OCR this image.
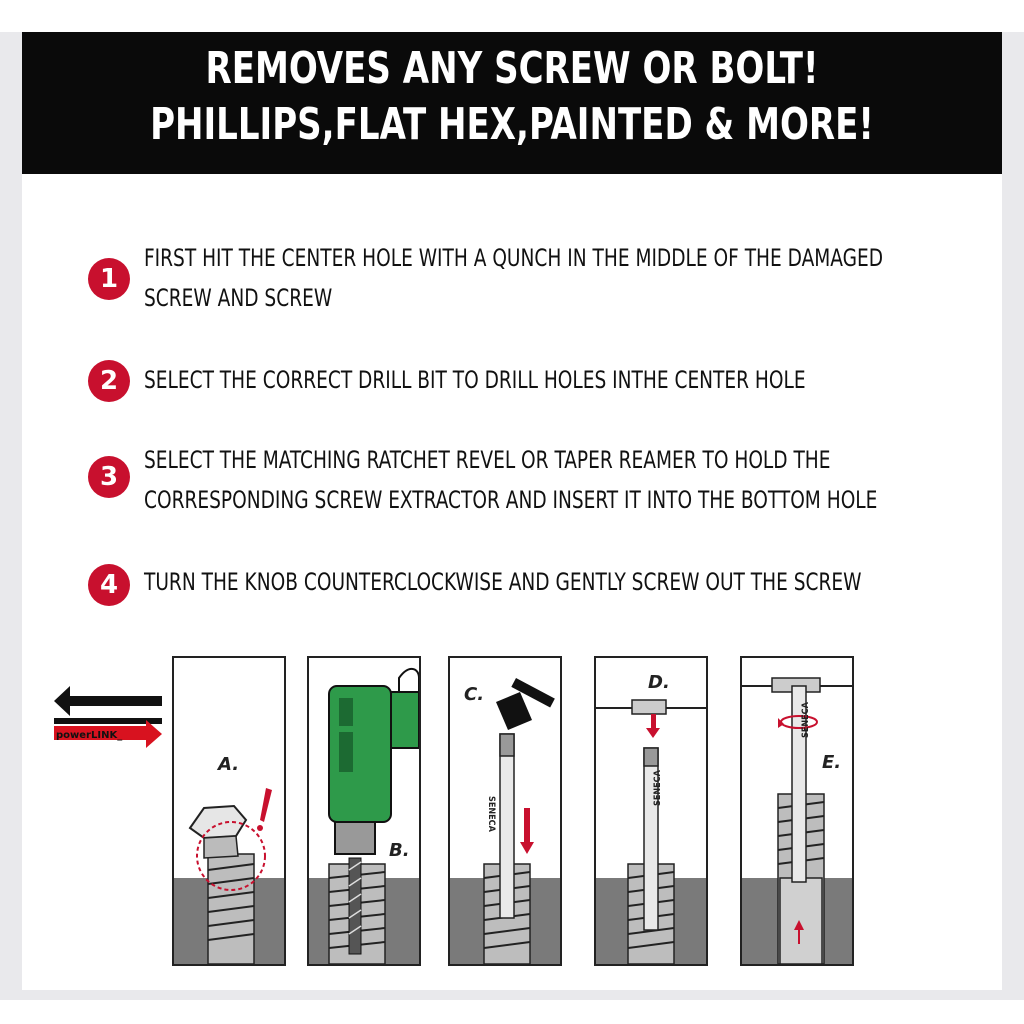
REMOVES ANY SCREW OR BOLT!
PHILLIPS,FLAT HEX,PAINTED & MORE!
1
FIRST HIT THE CENTER HOLE WITH A QUNCH IN THE MIDDLE OF THE DAMAGED
SCREW AND SCREW
2	SELECT THE CORRECT DRILL BIT TO DRILL HOLES INTHE CENTER HOLE
3
SELECT THE MATCHING RATCHET REVEL OR TAPER REAMER TO HOLD THE
CORRESPONDING SCREW EXTRACTOR AND INSERT IT INTO THE BOTTOM HOLE
4	TURN THE KNOB COUNTERCLOCKWISE AND GENTLY SCREW OUT THE SCREW
powerLINK_
A.
B.
C.
SENECA
D.
SENECA
E.
SENECA
